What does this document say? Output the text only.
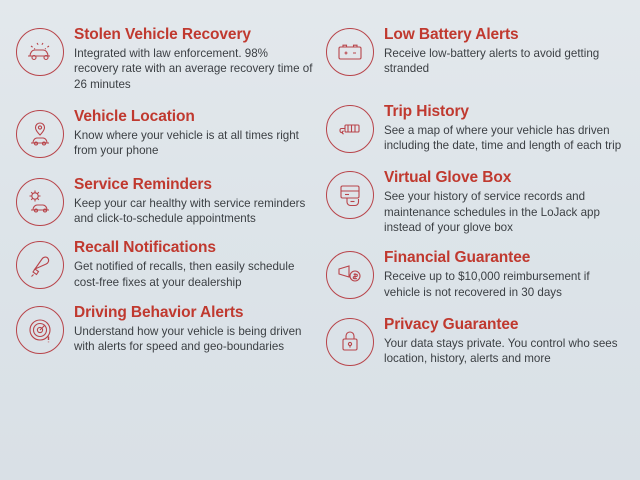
Stolen Vehicle Recovery

Integrated with law enforcement. 98% recovery rate with an average recovery time of 26 minutes

Vehicle Location

Know where your vehicle is at all times right from your phone

Service Reminders

Keep your car healthy with service reminders and click-to-schedule appointments

Recall Notifications

Get notified of recalls, then easily schedule cost-free fixes at your dealership

Driving Behavior Alerts

Understand how your vehicle is being driven with alerts for speed and geo-boundaries

Low Battery Alerts

Receive low-battery alerts to avoid getting stranded

Trip History

See a map of where your vehicle has driven including the date, time and length of each trip

Virtual Glove Box

See your history of service records and maintenance schedules in the LoJack app instead of your glove box

Financial Guarantee

Receive up to $10,000 reimbursement if vehicle is not recovered in 30 days

Privacy Guarantee

Your data stays private. You control who sees location, history, alerts and more
